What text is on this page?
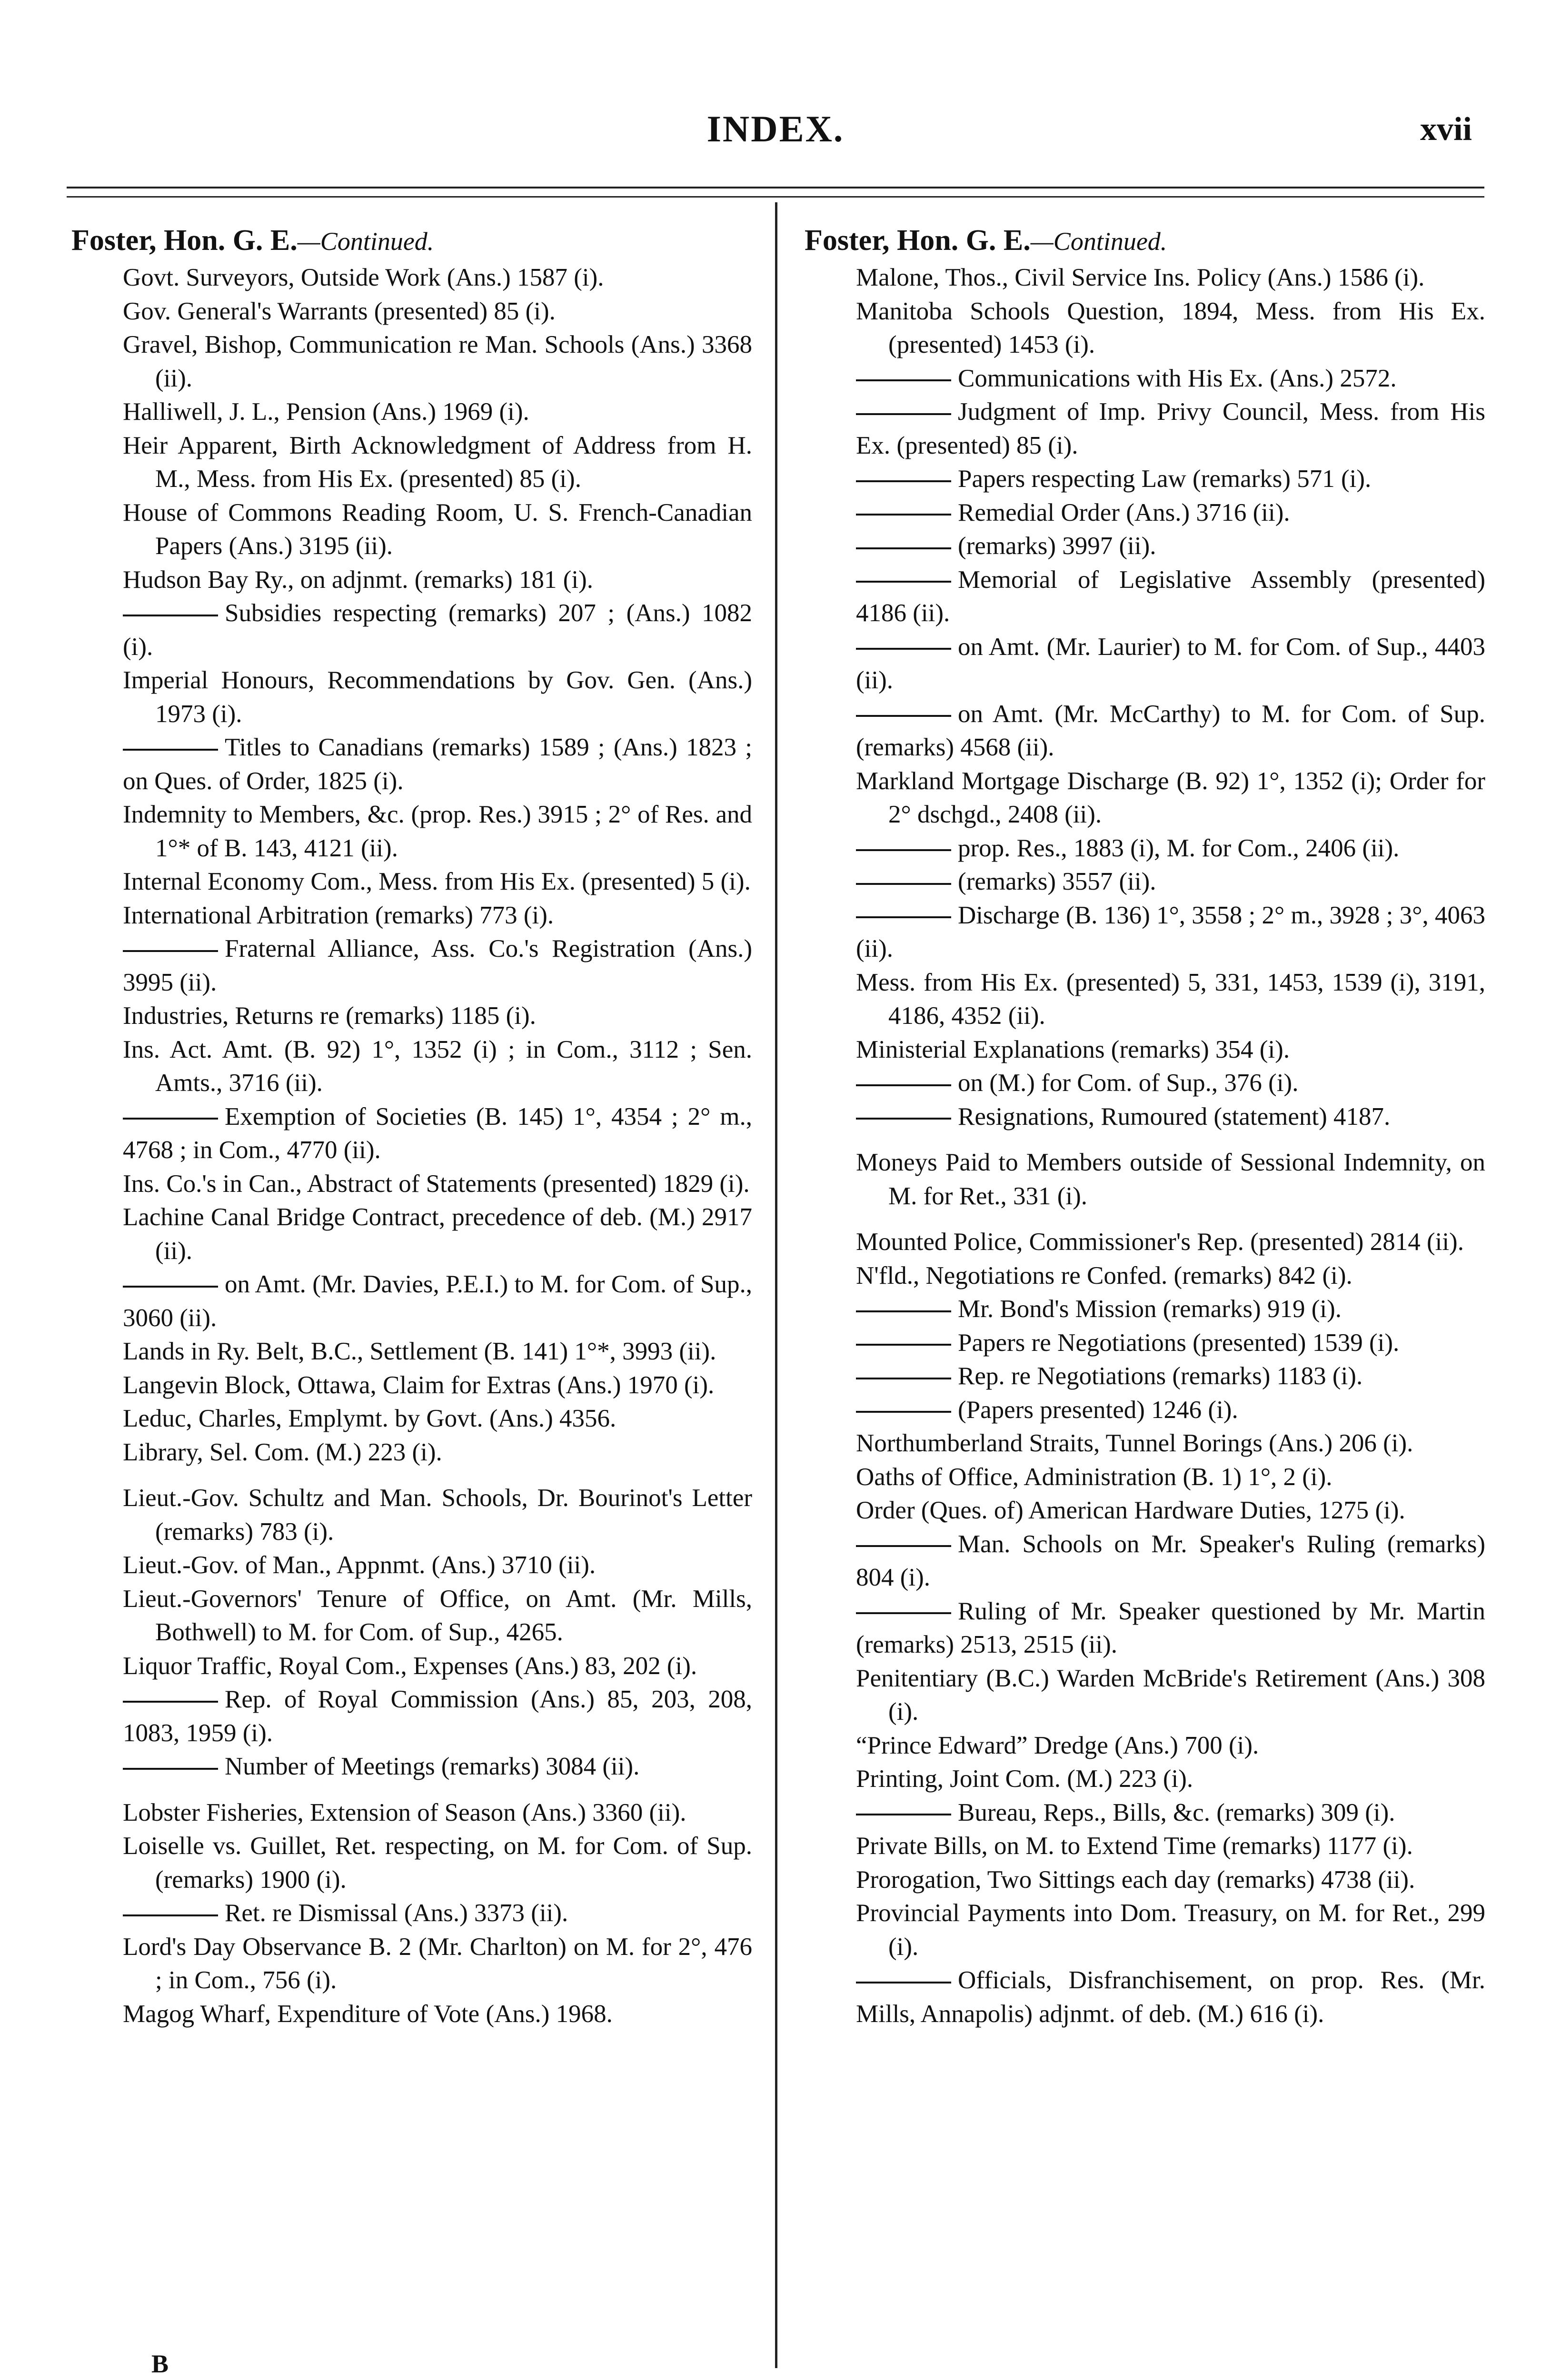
INDEX.	xvii
Foster, Hon. G. E.—Continued.
Govt. Surveyors, Outside Work (Ans.) 1587 (i).
Gov. General's Warrants (presented) 85 (i).
Gravel, Bishop, Communication re Man. Schools (Ans.) 3368 (ii).
Halliwell, J. L., Pension (Ans.) 1969 (i).
Heir Apparent, Birth Acknowledgment of Address from H. M., Mess. from His Ex. (presented) 85 (i).
House of Commons Reading Room, U. S. French-Canadian Papers (Ans.) 3195 (ii).
Hudson Bay Ry., on adjnmt. (remarks) 181 (i).
Subsidies respecting (remarks) 207 ; (Ans.) 1082 (i).
Imperial Honours, Recommendations by Gov. Gen. (Ans.) 1973 (i).
Titles to Canadians (remarks) 1589 ; (Ans.) 1823 ; on Ques. of Order, 1825 (i).
Indemnity to Members, &c. (prop. Res.) 3915 ; 2° of Res. and 1°* of B. 143, 4121 (ii).
Internal Economy Com., Mess. from His Ex. (presented) 5 (i).
International Arbitration (remarks) 773 (i).
Fraternal Alliance, Ass. Co.'s Registration (Ans.) 3995 (ii).
Industries, Returns re (remarks) 1185 (i).
Ins. Act. Amt. (B. 92) 1°, 1352 (i) ; in Com., 3112 ; Sen. Amts., 3716 (ii).
Exemption of Societies (B. 145) 1°, 4354 ; 2° m., 4768 ; in Com., 4770 (ii).
Ins. Co.'s in Can., Abstract of Statements (presented) 1829 (i).
Lachine Canal Bridge Contract, precedence of deb. (M.) 2917 (ii).
on Amt. (Mr. Davies, P.E.I.) to M. for Com. of Sup., 3060 (ii).
Lands in Ry. Belt, B.C., Settlement (B. 141) 1°*, 3993 (ii).
Langevin Block, Ottawa, Claim for Extras (Ans.) 1970 (i).
Leduc, Charles, Emplymt. by Govt. (Ans.) 4356.
Library, Sel. Com. (M.) 223 (i).
Lieut.-Gov. Schultz and Man. Schools, Dr. Bourinot's Letter (remarks) 783 (i).
Lieut.-Gov. of Man., Appnmt. (Ans.) 3710 (ii).
Lieut.-Governors' Tenure of Office, on Amt. (Mr. Mills, Bothwell) to M. for Com. of Sup., 4265.
Liquor Traffic, Royal Com., Expenses (Ans.) 83, 202 (i).
Rep. of Royal Commission (Ans.) 85, 203, 208, 1083, 1959 (i).
Number of Meetings (remarks) 3084 (ii).
Lobster Fisheries, Extension of Season (Ans.) 3360 (ii).
Loiselle vs. Guillet, Ret. respecting, on M. for Com. of Sup. (remarks) 1900 (i).
Ret. re Dismissal (Ans.) 3373 (ii).
Lord's Day Observance B. 2 (Mr. Charlton) on M. for 2°, 476 ; in Com., 756 (i).
Magog Wharf, Expenditure of Vote (Ans.) 1968.
Foster, Hon. G. E.—Continued.
Malone, Thos., Civil Service Ins. Policy (Ans.) 1586 (i).
Manitoba Schools Question, 1894, Mess. from His Ex. (presented) 1453 (i).
Communications with His Ex. (Ans.) 2572.
Judgment of Imp. Privy Council, Mess. from His Ex. (presented) 85 (i).
Papers respecting Law (remarks) 571 (i).
Remedial Order (Ans.) 3716 (ii).
(remarks) 3997 (ii).
Memorial of Legislative Assembly (presented) 4186 (ii).
on Amt. (Mr. Laurier) to M. for Com. of Sup., 4403 (ii).
on Amt. (Mr. McCarthy) to M. for Com. of Sup. (remarks) 4568 (ii).
Markland Mortgage Discharge (B. 92) 1°, 1352 (i); Order for 2° dschgd., 2408 (ii).
prop. Res., 1883 (i), M. for Com., 2406 (ii).
(remarks) 3557 (ii).
Discharge (B. 136) 1°, 3558 ; 2° m., 3928 ; 3°, 4063 (ii).
Mess. from His Ex. (presented) 5, 331, 1453, 1539 (i), 3191, 4186, 4352 (ii).
Ministerial Explanations (remarks) 354 (i).
on (M.) for Com. of Sup., 376 (i).
Resignations, Rumoured (statement) 4187.
Moneys Paid to Members outside of Sessional Indemnity, on M. for Ret., 331 (i).
Mounted Police, Commissioner's Rep. (presented) 2814 (ii).
N'fld., Negotiations re Confed. (remarks) 842 (i).
Mr. Bond's Mission (remarks) 919 (i).
Papers re Negotiations (presented) 1539 (i).
Rep. re Negotiations (remarks) 1183 (i).
(Papers presented) 1246 (i).
Northumberland Straits, Tunnel Borings (Ans.) 206 (i).
Oaths of Office, Administration (B. 1) 1°, 2 (i).
Order (Ques. of) American Hardware Duties, 1275 (i).
Man. Schools on Mr. Speaker's Ruling (remarks) 804 (i).
Ruling of Mr. Speaker questioned by Mr. Martin (remarks) 2513, 2515 (ii).
Penitentiary (B.C.) Warden McBride's Retirement (Ans.) 308 (i).
“Prince Edward” Dredge (Ans.) 700 (i).
Printing, Joint Com. (M.) 223 (i).
Bureau, Reps., Bills, &c. (remarks) 309 (i).
Private Bills, on M. to Extend Time (remarks) 1177 (i).
Prorogation, Two Sittings each day (remarks) 4738 (ii).
Provincial Payments into Dom. Treasury, on M. for Ret., 299 (i).
Officials, Disfranchisement, on prop. Res. (Mr. Mills, Annapolis) adjnmt. of deb. (M.) 616 (i).
B
